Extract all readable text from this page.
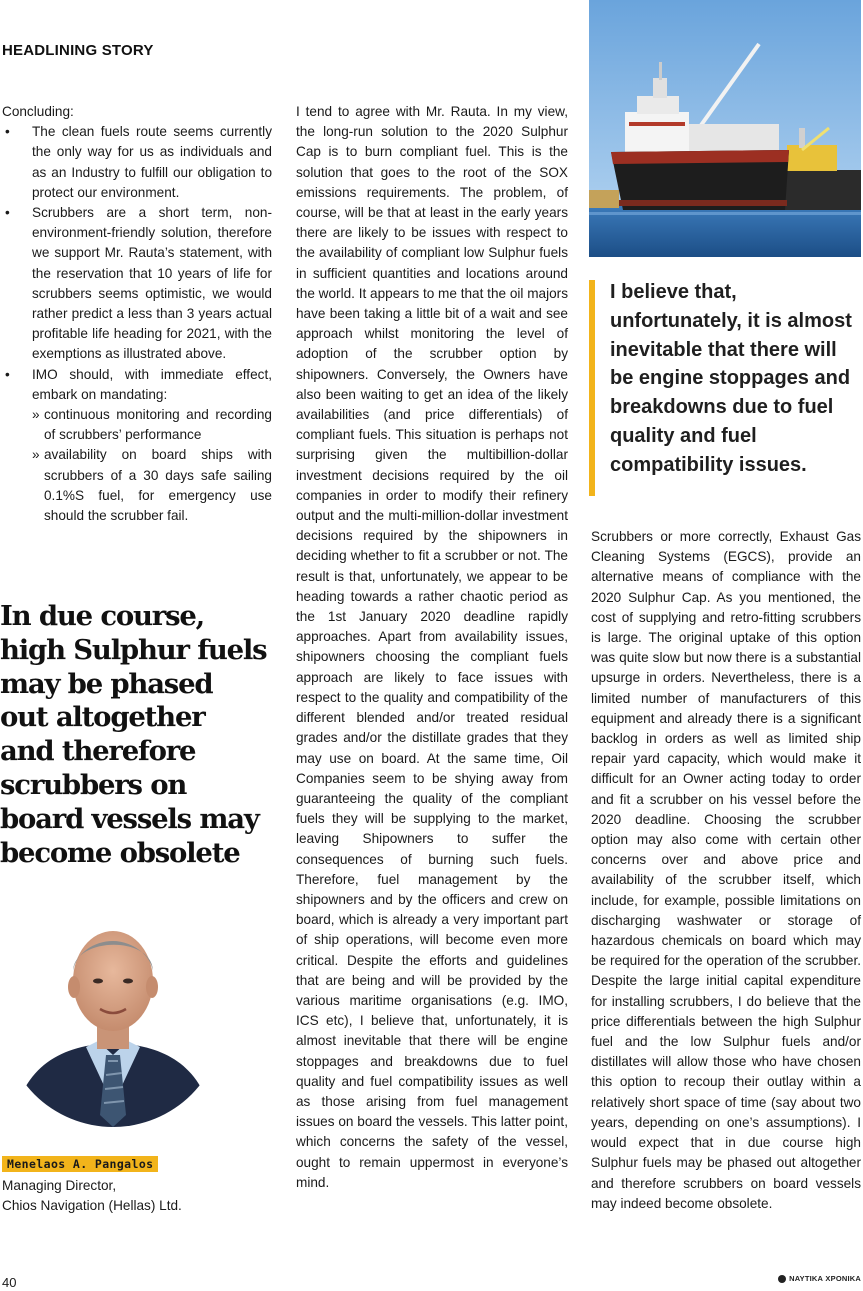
HEADLINING STORY

Concluding:

• The clean fuels route seems currently the only way for us as individuals and as an Industry to fulfill our obligation to protect our environment.
• Scrubbers are a short term, non-environment-friendly solution, therefore we support Mr. Rauta’s statement, with the reservation that 10 years of life for scrubbers seems optimistic, we would rather predict a less than 3 years actual profitable life heading for 2021, with the exemptions as illustrated above.
• IMO should, with immediate effect, embark on mandating:
» continuous monitoring and recording of scrubbers’ performance
» availability on board ships with scrubbers of a 30 days safe sailing 0.1%S fuel, for emergency use should the scrubber fail.
In due course,
high Sulphur fuels
may be phased
out altogether
and therefore
scrubbers on
board vessels may
become obsolete
Menelaos A. Pangalos
Managing Director,
Chios Navigation (Hellas) Ltd.

I tend to agree with Mr. Rauta. In my view, the long-run solution to the 2020 Sulphur Cap is to burn compliant fuel. This is the solution that goes to the root of the SOX emissions requirements. The problem, of course, will be that at least in the early years there are likely to be issues with respect to the availability of compliant low Sulphur fuels in sufficient quantities and locations around the world. It appears to me that the oil majors have been taking a little bit of a wait and see approach whilst monitoring the level of adoption of the scrubber option by shipowners. Conversely, the Owners have also been waiting to get an idea of the likely availabilities (and price differentials) of compliant fuels. This situation is perhaps not surprising given the multibillion-dollar investment decisions required by the oil companies in order to modify their refinery output and the multi-million-dollar investment decisions required by the shipowners in deciding whether to fit a scrubber or not. The result is that, unfortunately, we appear to be heading towards a rather chaotic period as the 1st January 2020 deadline rapidly approaches. Apart from availability issues, shipowners choosing the compliant fuels approach are likely to face issues with respect to the quality and compatibility of the different blended and/or treated residual grades and/or the distillate grades that they may use on board. At the same time, Oil Companies seem to be shying away from guaranteeing the quality of the compliant fuels they will be supplying to the market, leaving Shipowners to suffer the consequences of burning such fuels. Therefore, fuel management by the shipowners and by the officers and crew on board, which is already a very important part of ship operations, will become even more critical. Despite the efforts and guidelines that are being and will be provided by the various maritime organisations (e.g. IMO, ICS etc), I believe that, unfortunately, it is almost inevitable that there will be engine stoppages and breakdowns due to fuel quality and fuel compatibility issues as well as those arising from fuel management issues on board the vessels. This latter point, which concerns the safety of the vessel, ought to remain uppermost in everyone’s mind.

I believe that, unfortunately, it is almost inevitable that there will be engine stoppages and breakdowns due to fuel quality and fuel compatibility issues.

Scrubbers or more correctly, Exhaust Gas Cleaning Systems (EGCS), provide an alternative means of compliance with the 2020 Sulphur Cap. As you mentioned, the cost of supplying and retro-fitting scrubbers is large. The original uptake of this option was quite slow but now there is a substantial upsurge in orders. Nevertheless, there is a limited number of manufacturers of this equipment and already there is a significant backlog in orders as well as limited ship repair yard capacity, which would make it difficult for an Owner acting today to order and fit a scrubber on his vessel before the 2020 deadline. Choosing the scrubber option may also come with certain other concerns over and above price and availability of the scrubber itself, which include, for example, possible limitations on discharging washwater or storage of hazardous chemicals on board which may be required for the operation of the scrubber. Despite the large initial capital expenditure for installing scrubbers, I do believe that the price differentials between the high Sulphur fuel and the low Sulphur fuels and/or distillates will allow those who have chosen this option to recoup their outlay within a relatively short space of time (say about two years, depending on one’s assumptions). I would expect that in due course high Sulphur fuels may be phased out altogether and therefore scrubbers on board vessels may indeed become obsolete.

40	ΝΑΥΤΙΚΑ ΧΡΟΝΙΚΑ
